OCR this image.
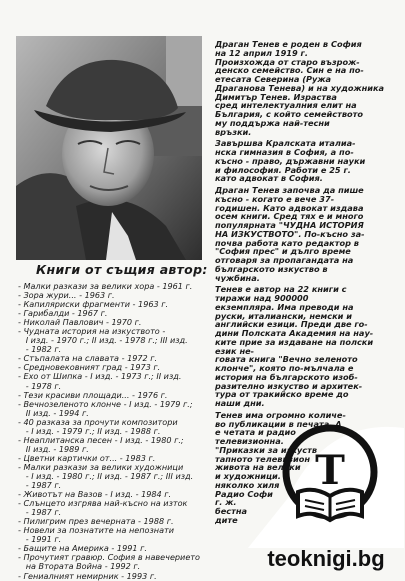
Книги от същия автор:
- Малки разкази за велики хора - 1961 г.
- Зора жури... - 1963 г.
- Капиляриски фрагменти - 1963 г.
- Гарибалди - 1967 г.
- Николай Павлович - 1970 г.
- Чудната история на изкуството -
I изд. - 1970 г.; II изд. - 1978 г.; III изд.
- 1982 г.
- Стъпалата на славата - 1972 г.
- Средновековният град - 1973 г.
- Ехо от Шипка - I изд. - 1973 г.; II изд.
- 1978 г.
- Тези красиви площади... - 1976 г.
- Вечнозеленото клонче - I изд. - 1979 г.;
II изд. - 1994 г.
- 40 разказа за прочути композитори
- I изд. - 1979 г.; II изд. - 1988 г.
- Неаплитанска песен - I изд. - 1980 г.;
II изд. - 1989 г.
- Цветни картички от... - 1983 г.
- Малки разкази за велики художници
- I изд. - 1980 г.; II изд. - 1987 г.; III изд.
- 1987 г.
- Животът на Вазов - I изд. - 1984 г.
- Слънцето изгрява най-късно на изток
- 1987 г.
- Пилигрим през вечерната - 1988 г.
- Новели за познатите на непознати
- 1991 г.
- Бащите на Америка - 1991 г.
- Прочутият гравюр. София в навечерието
на Втората Война - 1992 г.
- Гениалният немирник - 1993 г.

Драган Тенев е роден в София
на 12 април 1919 г.
Произхожда от старо възрож-
денско семейство. Син е на по-
етесата Северина (Ружа
Драганова Тенева) и на художника
Димитър Тенев. Израства
сред интелектуалния елит на
България, с който семейството
му поддържа най-тесни
връзки.

Завършва Кралската италиа-
нска гимназия в София, а по-
късно - право, държавни науки
и философия. Работи е 25 г.
като адвокат в София.

Драган Тенев започва да пише
късно - когато е вече 37-
годишен. Като адвокат издава
осем книги. Сред тях е и много
популярната "ЧУДНА ИСТОРИЯ
НА ИЗКУСТВОТО". По-късно за-
почва работа като редактор в
"София прес" и дълго време
отговаря за пропагандата на
българското изкуство в
чужбина.

Тенев е автор на 22 книги с
тиражи над 900000
екземпляра. Има преводи на
руски, италиански, немски и
английски езици. Преди две го-
дини Полската Академия на нау-
ките прие за издаване на полски
език не-
говата книга "Вечно зеленото
клонче", която по-мълчала е
история на българското изоб-
разително изкуство и архитек-
тура от тракийско време до
наши дни.

Тенев има огромно количе-
во публикации в печата. А
е четата и радио
телевизионна.
"Приказки за изкуств
тапното телевизион
живота на велики
и художници. и
няколко хиля
Радио Софи
г. ж.
бестна
дите

T
teoknigi.bg
